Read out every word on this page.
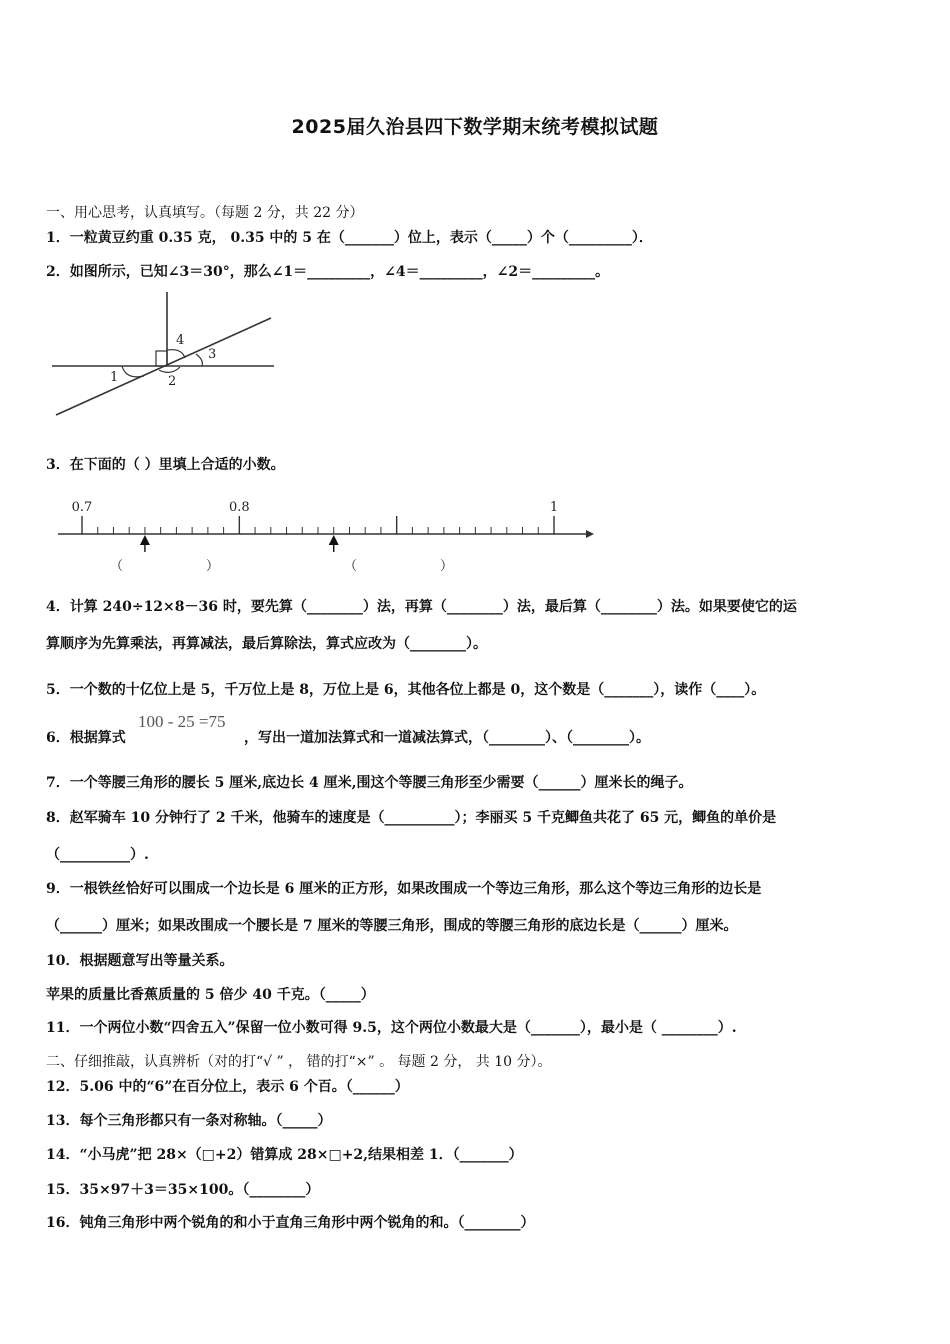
2025届久治县四下数学期末统考模拟试题
一、用心思考，认真填写。（每题 2 分，共 22 分）
1．一粒黄豆约重 0.35 克， 0.35 中的 5 在（_______）位上，表示（_____）个（_________）．
2．如图所示，已知∠3＝30°，那么∠1＝_________，∠4＝_________，∠2＝_________。
4
3
1	2
3．在下面的（ ）里填上合适的小数。
0.7	0.8	1
（	）	（	）
4．计算 240÷12×8－36 时，要先算（________）法，再算（________）法，最后算（________）法。如果要使它的运
算顺序为先算乘法，再算减法，最后算除法，算式应改为（________）。
5．一个数的十亿位上是 5，千万位上是 8，万位上是 6，其他各位上都是 0，这个数是（_______），读作（____）。
6．根据算式
100 - 25 =75
，写出一道加法算式和一道减法算式，（________）、（________）。
7．一个等腰三角形的腰长 5 厘米,底边长 4 厘米,围这个等腰三角形至少需要（______）厘米长的绳子。
8．赵军骑车 10 分钟行了 2 千米，他骑车的速度是（__________）；李丽买 5 千克鲫鱼共花了 65 元，鲫鱼的单价是
（__________）.
9．一根铁丝恰好可以围成一个边长是 6 厘米的正方形，如果改围成一个等边三角形，那么这个等边三角形的边长是
（______）厘米；如果改围成一个腰长是 7 厘米的等腰三角形，围成的等腰三角形的底边长是（______）厘米。
10．根据题意写出等量关系。
苹果的质量比香蕉质量的 5 倍少 40 千克。（_____）
11．一个两位小数“四舍五入”保留一位小数可得 9.5，这个两位小数最大是（_______），最小是（ ________）.
二、仔细推敲，认真辨析（对的打“√ ” ， 错的打“×” 。 每题 2 分， 共 10 分）。
12．5.06 中的“6”在百分位上，表示 6 个百。（______）
13．每个三角形都只有一条对称轴。（_____）
14．“小马虎”把 28×（□+2）错算成 28×□+2,结果相差 1．（_______）
15．35×97＋3＝35×100。（________）
16．钝角三角形中两个锐角的和小于直角三角形中两个锐角的和。（________）
